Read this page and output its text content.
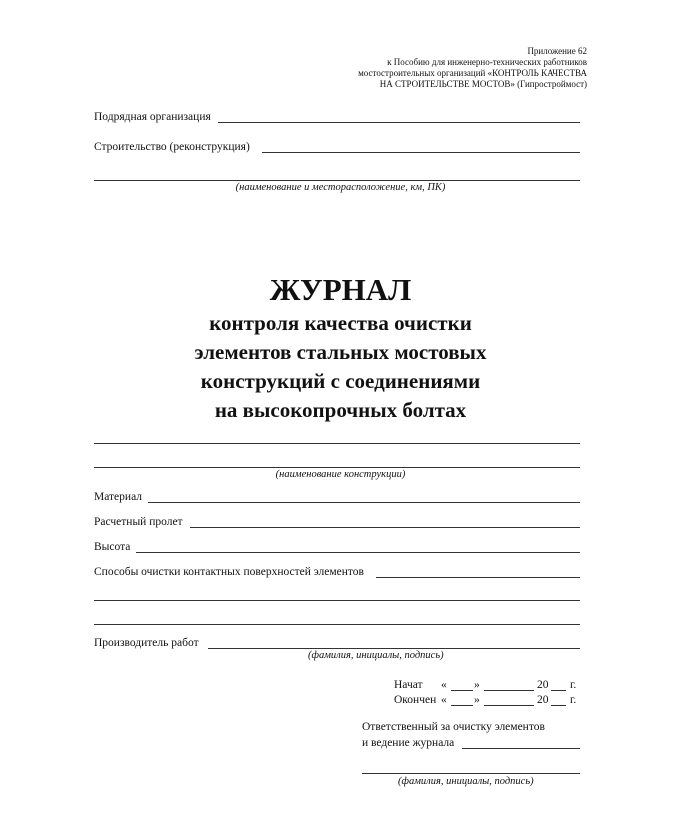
Приложение 62
к Пособию для инженерно-технических работников
мостостроительных организаций «КОНТРОЛЬ КАЧЕСТВА
НА СТРОИТЕЛЬСТВЕ МОСТОВ» (Гипростроймост)
Подрядная организация
Строительство (реконструкция)
(наименование и месторасположение, км, ПК)
ЖУРНАЛ
контроля качества очистки
элементов стальных мостовых
конструкций с соединениями
на высокопрочных болтах
(наименование конструкции)
Материал
Расчетный пролет
Высота
Способы очистки контактных поверхностей элементов
Производитель работ
(фамилия, инициалы, подпись)
Начат « »	20 г.
Окончен « »	20 г.
Ответственный за очистку элементов
и ведение журнала
(фамилия, инициалы, подпись)
